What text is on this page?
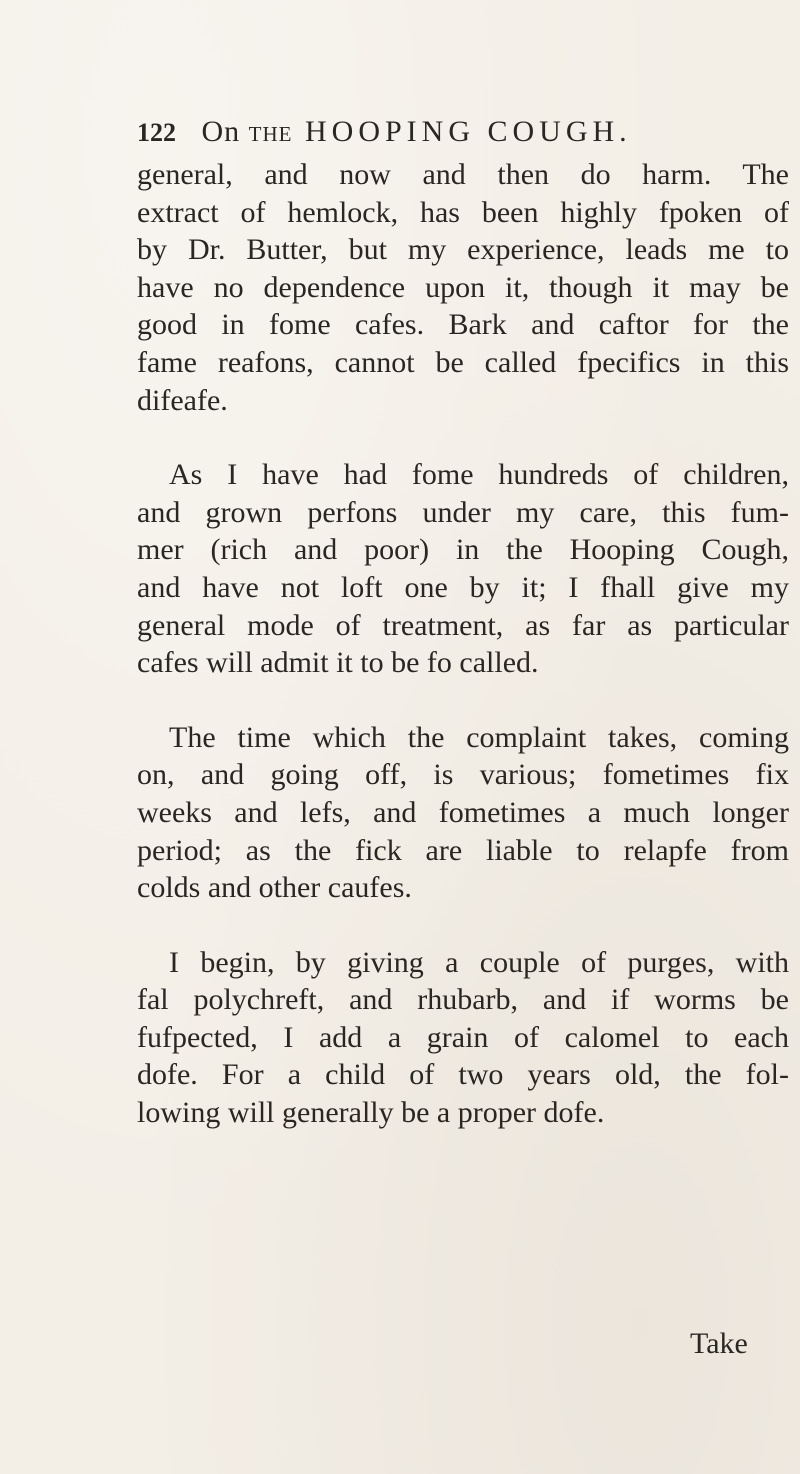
122 On the HOOPING COUGH.
general, and now and then do harm. The
extract of hemlock, has been highly fpoken of
by Dr. Butter, but my experience, leads me to
have no dependence upon it, though it may be
good in fome cafes. Bark and caftor for the
fame reafons, cannot be called fpecifics in this
difeafe.
As I have had fome hundreds of children,
and grown perfons under my care, this fum-
mer (rich and poor) in the Hooping Cough,
and have not loft one by it; I fhall give my
general mode of treatment, as far as particular
cafes will admit it to be fo called.
The time which the complaint takes, coming
on, and going off, is various; fometimes fix
weeks and lefs, and fometimes a much longer
period; as the fick are liable to relapfe from
colds and other caufes.
I begin, by giving a couple of purges, with
fal polychreft, and rhubarb, and if worms be
fufpected, I add a grain of calomel to each
dofe. For a child of two years old, the fol-
lowing will generally be a proper dofe.
Take
